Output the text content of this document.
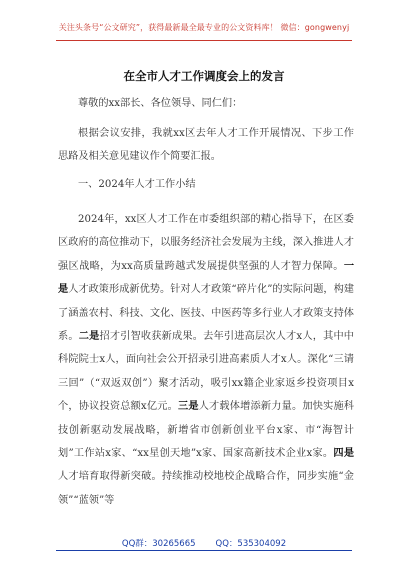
关注头条号“公文研究”，获得最新最全最专业的公文资料库！ 微信：gongwenyj
在全市人才工作调度会上的发言
尊敬的xx部长、各位领导、同仁们：
根据会议安排，我就xx区去年人才工作开展情况、下步工作思路及相关意见建议作个简要汇报。
一、2024年人才工作小结
2024年，xx区人才工作在市委组织部的精心指导下，在区委区政府的高位推动下，以服务经济社会发展为主线，深入推进人才强区战略，为xx高质量跨越式发展提供坚强的人才智力保障。一是人才政策形成新优势。针对人才政策“碎片化”的实际问题，构建了涵盖农村、科技、文化、医技、中医药等多行业人才政策支持体系。二是招才引智收获新成果。去年引进高层次人才x人，其中中科院院士x人，面向社会公开招录引进高素质人才x人。深化“三请三回”（“双返双创”）聚才活动，吸引xx籍企业家返乡投资项目x个，协议投资总额x亿元。三是人才载体增添新力量。加快实施科技创新驱动发展战略，新增省市创新创业平台x家、市“海智计划”工作站x家、“xx星创天地”x家、国家高新技术企业x家。四是人才培育取得新突破。持续推动校地校企战略合作，同步实施“金领”“蓝领”等
QQ群：30265665 QQ：535304092
